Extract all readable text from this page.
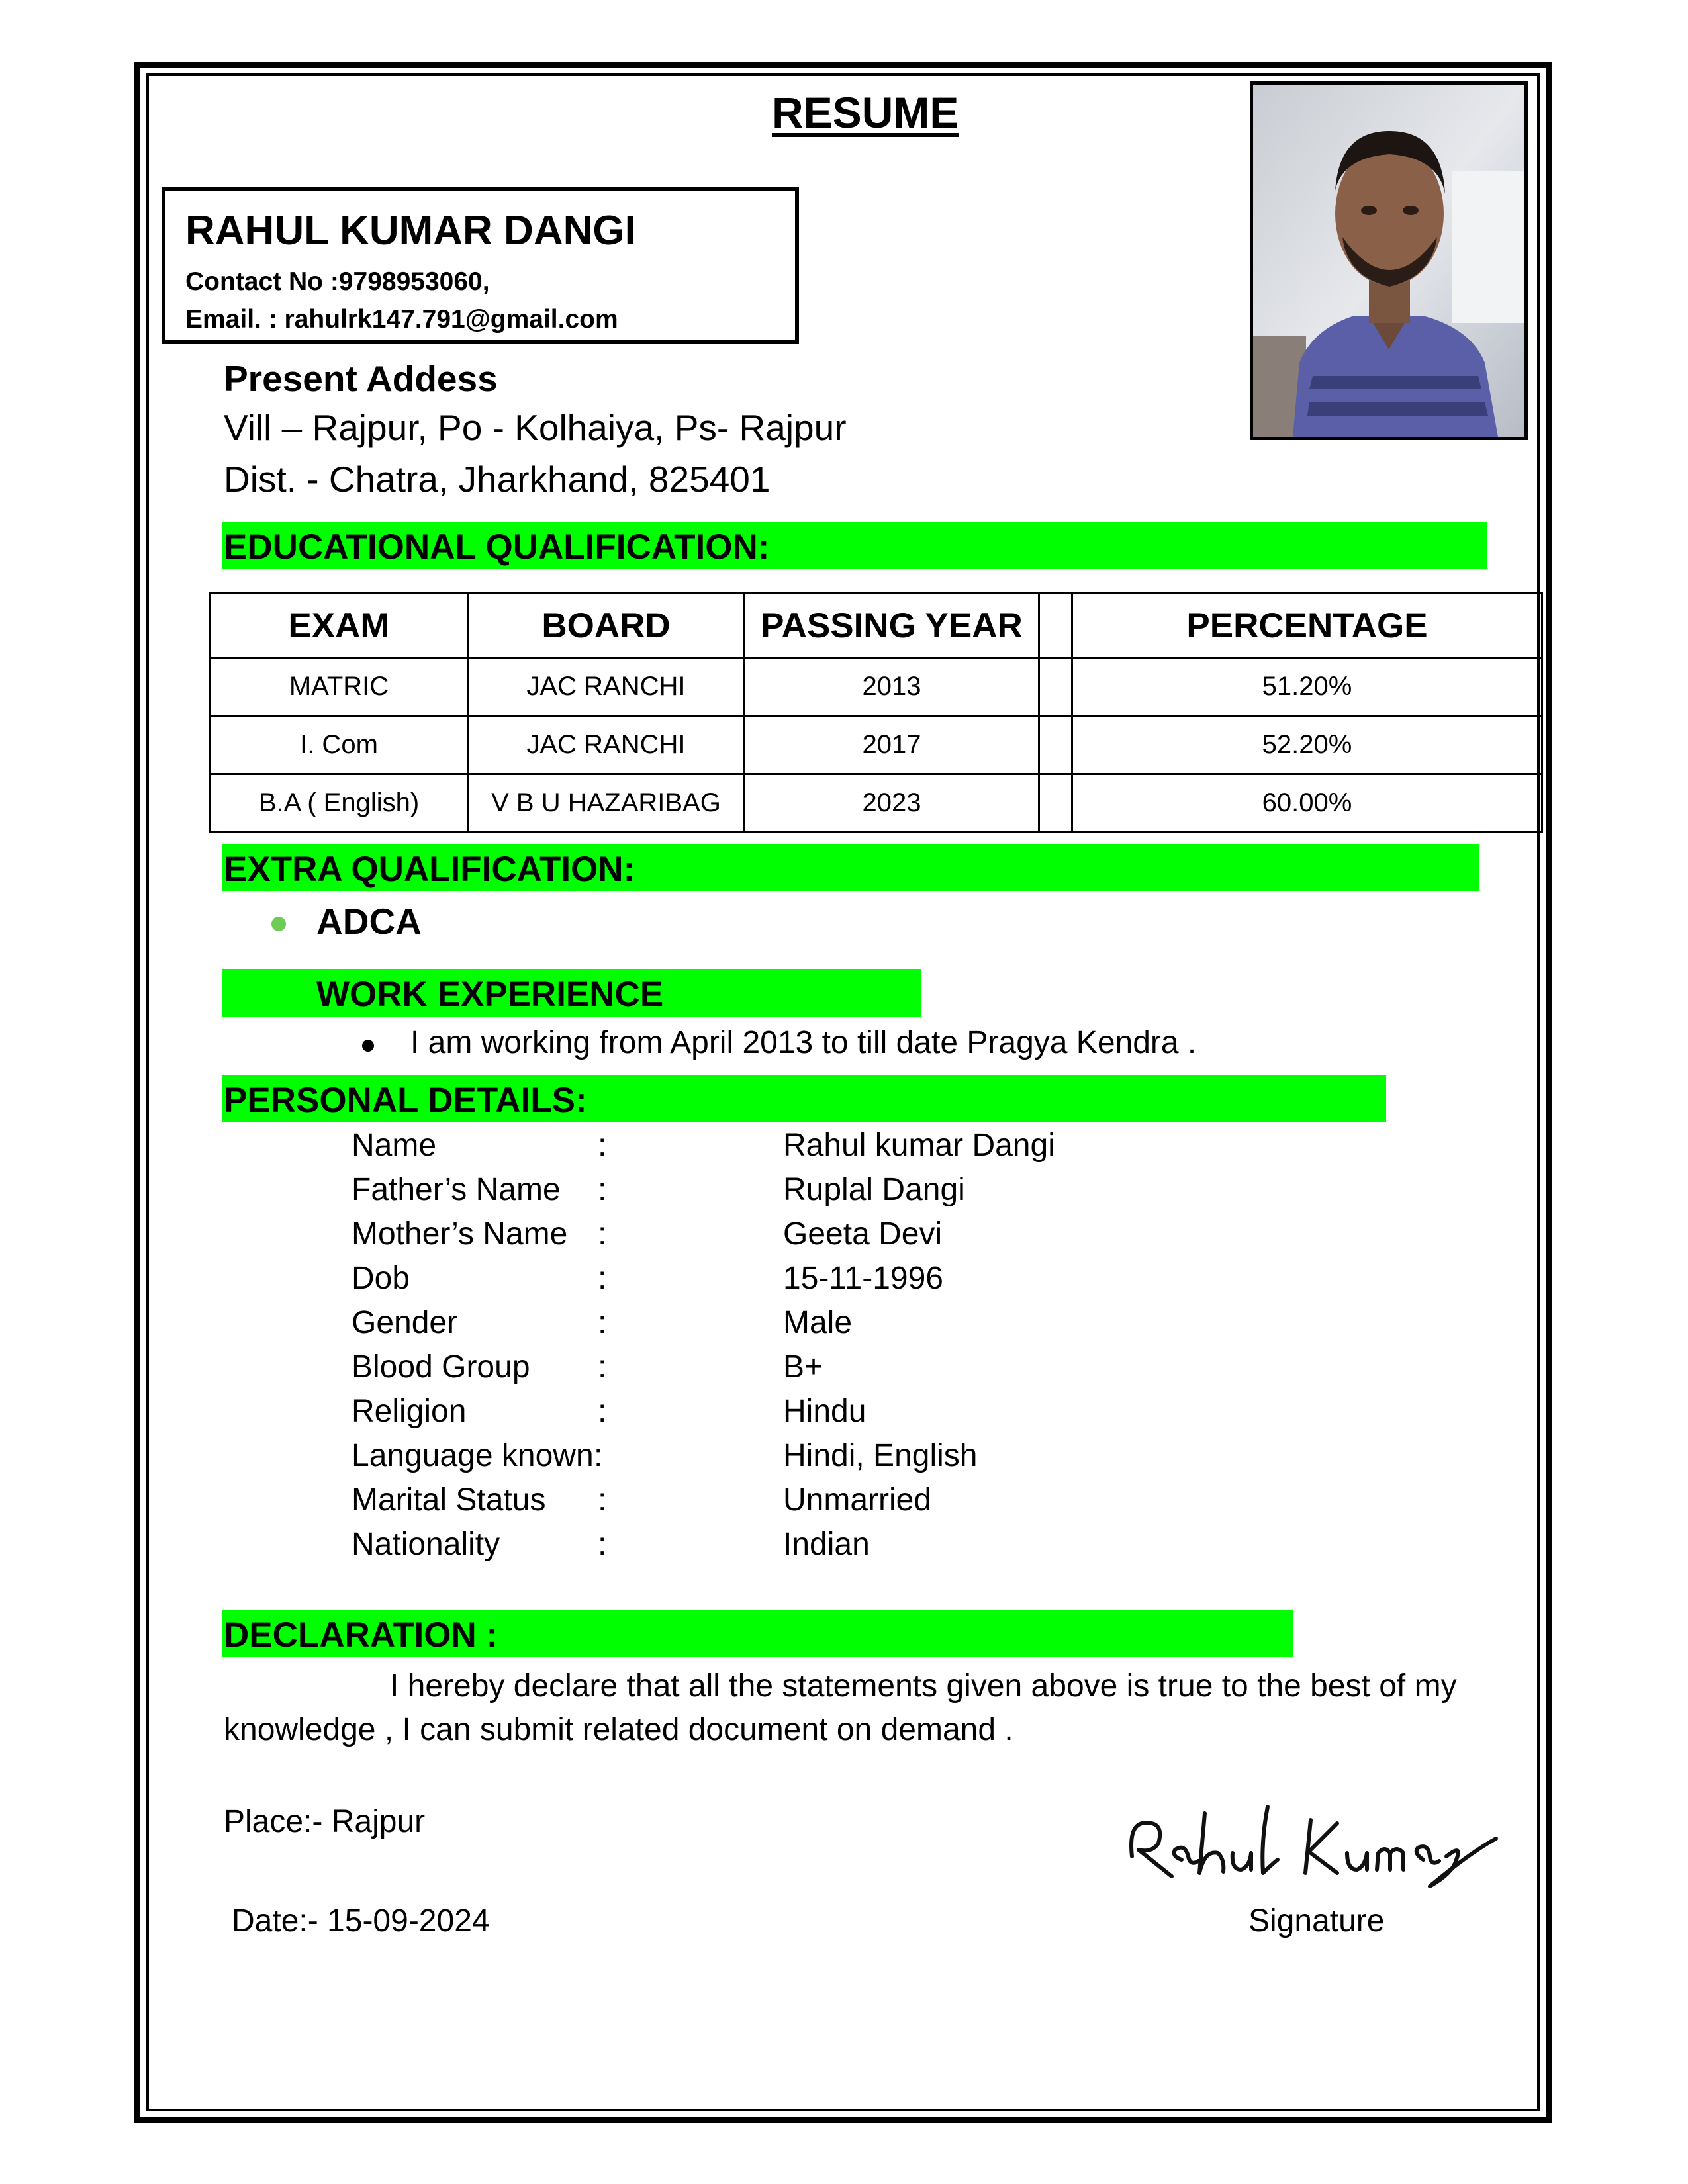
RESUME
RAHUL KUMAR DANGI
Contact No :9798953060,
Email. : rahulrk147.791@gmail.com
Present Addess
Vill – Rajpur, Po - Kolhaiya, Ps- Rajpur
Dist. - Chatra, Jharkhand, 825401
EDUCATIONAL QUALIFICATION:
EXAM	BOARD	PASSING YEAR		PERCENTAGE
MATRIC	JAC RANCHI	2013		51.20%
I. Com	JAC RANCHI	2017		52.20%
B.A ( English)	V B U HAZARIBAG	2023		60.00%
EXTRA QUALIFICATION:
ADCA
WORK EXPERIENCE
I am working from April 2013 to till date Pragya Kendra .
PERSONAL DETAILS:
Name	:	Rahul kumar Dangi
Father’s Name :	Ruplal Dangi
Mother’s Name :	Geeta Devi
Dob	:	15-11-1996
Gender	:	Male
Blood Group :	B+
Religion	:	Hindu
Language known :	Hindi, English
Marital Status :	Unmarried
Nationality	:	Indian
DECLARATION :
I hereby declare that all the statements given above is true to the best of my
knowledge , I can submit related document on demand .
Place:- Rajpur
Date:- 15-09-2024	Signature
